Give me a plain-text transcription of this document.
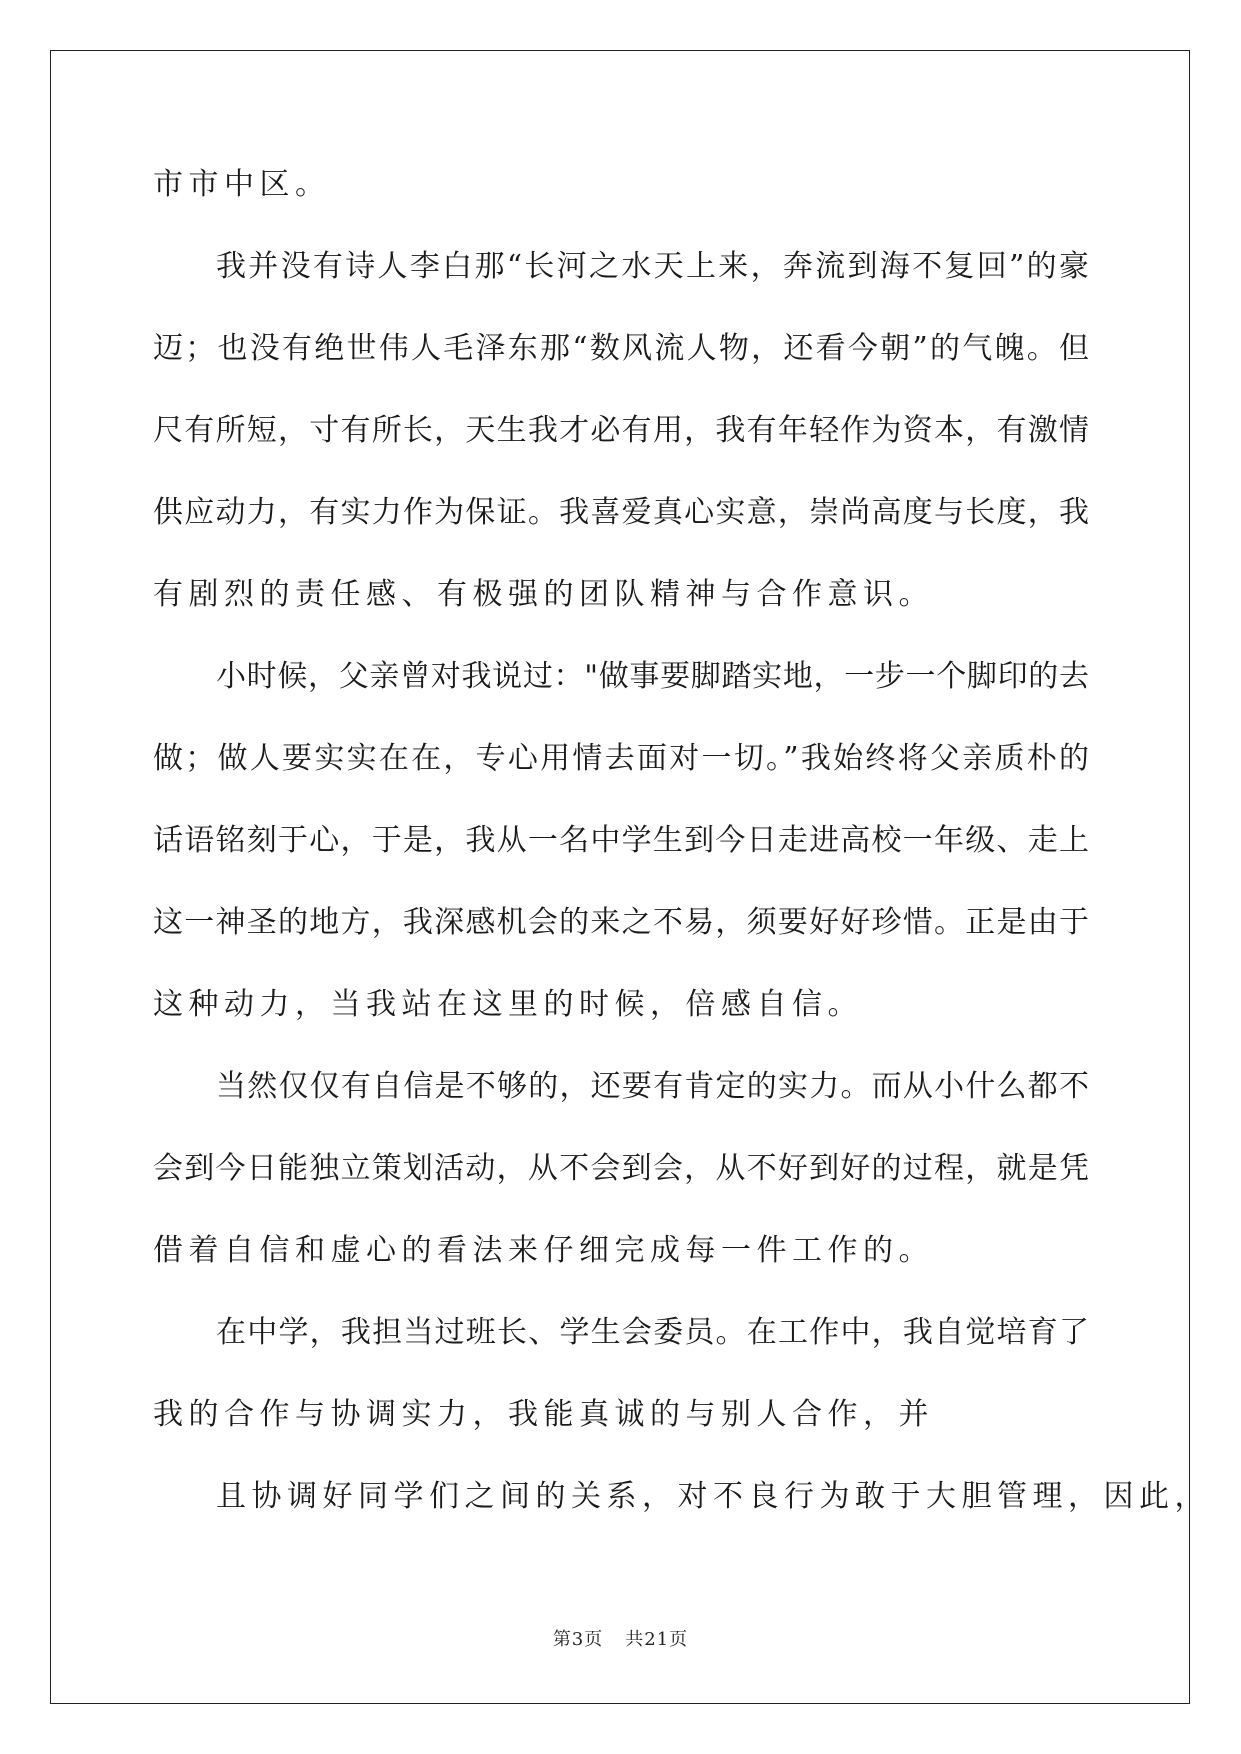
市市中区。
我并没有诗人李白那“长河之水天上来，奔流到海不复回”的豪
迈；也没有绝世伟人毛泽东那“数风流人物，还看今朝”的气魄。但
尺有所短，寸有所长，天生我才必有用，我有年轻作为资本，有激情
供应动力，有实力作为保证。我喜爱真心实意，崇尚高度与长度，我
有剧烈的责任感、有极强的团队精神与合作意识。
小时候，父亲曾对我说过："做事要脚踏实地，一步一个脚印的去
做；做人要实实在在，专心用情去面对一切。”我始终将父亲质朴的
话语铭刻于心，于是，我从一名中学生到今日走进高校一年级、走上
这一神圣的地方，我深感机会的来之不易，须要好好珍惜。正是由于
这种动力，当我站在这里的时候，倍感自信。
当然仅仅有自信是不够的，还要有肯定的实力。而从小什么都不
会到今日能独立策划活动，从不会到会，从不好到好的过程，就是凭
借着自信和虚心的看法来仔细完成每一件工作的。
在中学，我担当过班长、学生会委员。在工作中，我自觉培育了
我的合作与协调实力，我能真诚的与别人合作，并
且协调好同学们之间的关系，对不良行为敢于大胆管理，因此，
第3页 共21页
